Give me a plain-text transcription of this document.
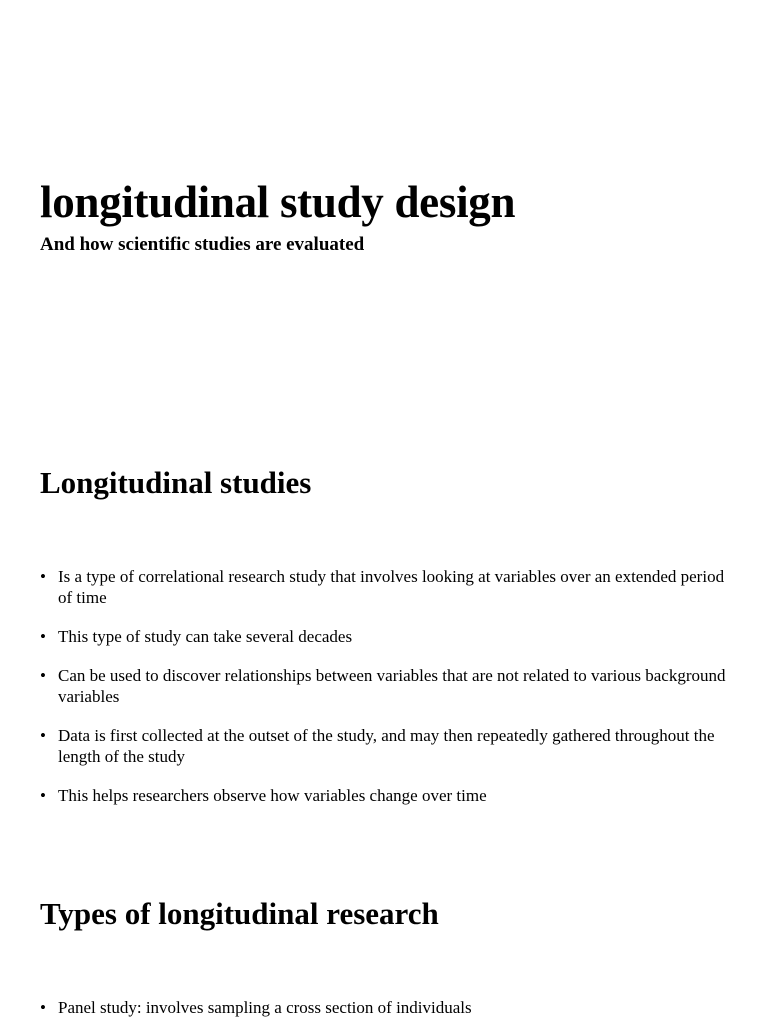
longitudinal study design
And how scientific studies are evaluated
Longitudinal studies
• Is a type of correlational research study that involves looking at variables over an extended period of time
• This type of study can take several decades
• Can be used to discover relationships between variables that are not related to various background variables
• Data is first collected at the outset of the study, and may then repeatedly gathered throughout the length of the study
• This helps researchers observe how variables change over time
Types of longitudinal research
• Panel study: involves sampling a cross section of individuals
